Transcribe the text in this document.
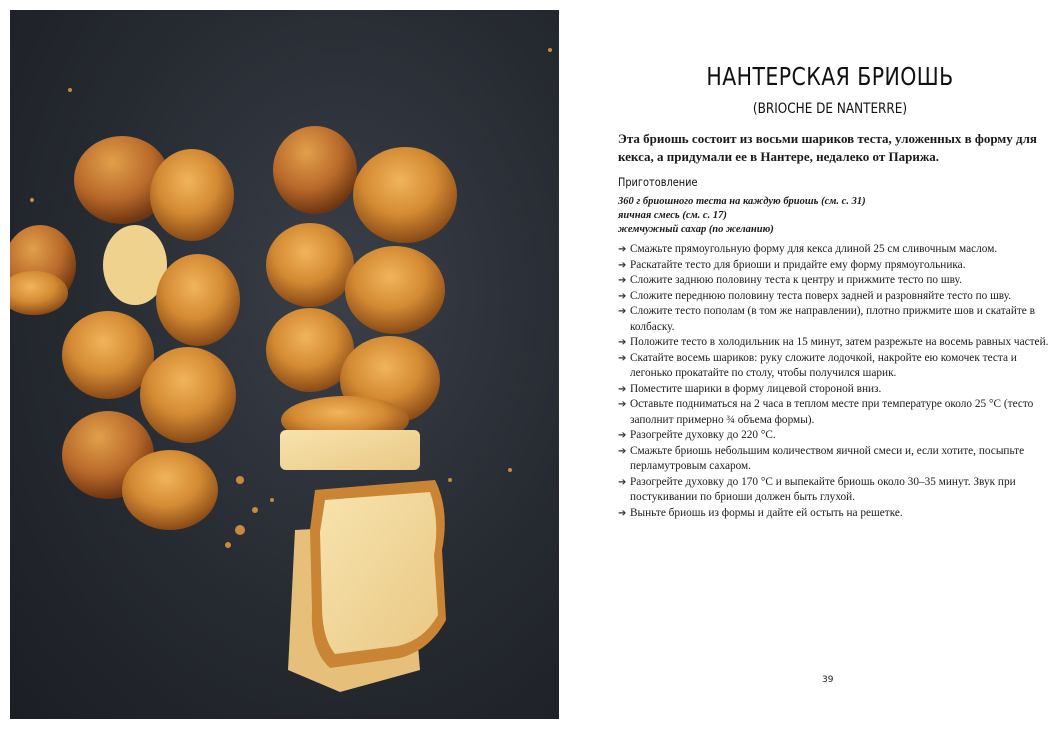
НАНТЕРСКАЯ БРИОШЬ

(BRIOCHE DE NANTERRE)

Эта бриошь состоит из восьми шариков теста, уложенных в форму для кекса, а придумали ее в Нантере, недалеко от Парижа.

Приготовление

360 г бриошного теста на каждую бриошь (см. с. 31)
яичная смесь (см. с. 17)
жемчужный сахар (по желанию)
➔ Смажьте прямоугольную форму для кекса длиной 25 см сливочным маслом.
➔ Раскатайте тесто для бриоши и придайте ему форму прямоугольника.
➔ Сложите заднюю половину теста к центру и прижмите тесто по шву.
➔ Сложите переднюю половину теста поверх задней и разровняйте тесто по шву.
➔ Сложите тесто пополам (в том же направлении), плотно прижмите шов и скатайте в колбаску.
➔ Положите тесто в холодильник на 15 минут, затем разрежьте на восемь равных частей.
➔ Скатайте восемь шариков: руку сложите лодочкой, накройте ею комочек теста и легонько прокатайте по столу, чтобы получился шарик.
➔ Поместите шарики в форму лицевой стороной вниз.
➔ Оставьте подниматься на 2 часа в теплом месте при температуре около 25 °C (тесто заполнит примерно ¾ объема формы).
➔ Разогрейте духовку до 220 °C.
➔ Смажьте бриошь небольшим количеством яичной смеси и, если хотите, посыпьте перламутровым сахаром.
➔ Разогрейте духовку до 170 °C и выпекайте бриошь около 30–35 минут. Звук при постукивании по бриоши должен быть глухой.
➔ Выньте бриошь из формы и дайте ей остыть на решетке.
39
